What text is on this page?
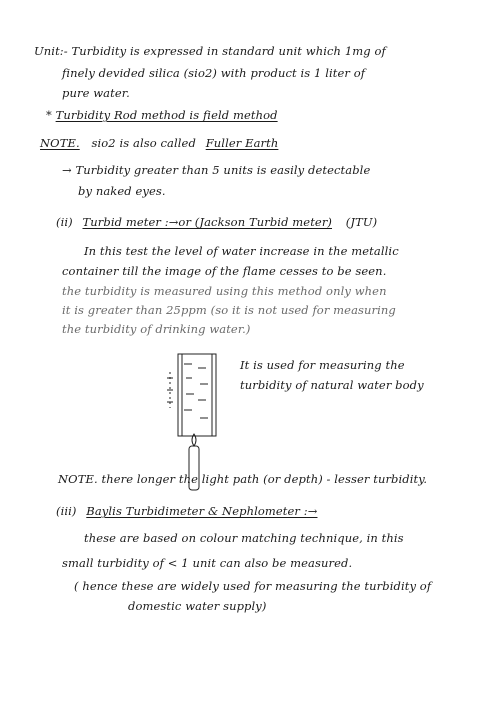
Unit:- Turbidity is expressed in standard unit which 1mg of
finely devided silica (sio2) with product is 1 liter of
pure water.
* Turbidity Rod method is field method
NOTE. sio2 is also called Fuller Earth
→ Turbidity greater than 5 units is easily detectable
by naked eyes.
(ii) Turbid meter :→or (Jackson Turbid meter) (JTU)
In this test the level of water increase in the metallic
container till the image of the flame cesses to be seen.
the turbidity is measured using this method only when
it is greater than 25ppm (so it is not used for measuring
the turbidity of drinking water.)
It is used for measuring the
turbidity of natural water body
NOTE. there longer the light path (or depth) - lesser turbidity.
(iii) Baylis Turbidimeter & Nephlometer :→
these are based on colour matching technique, in this
small turbidity of < 1 unit can also be measured.
( hence these are widely used for measuring the turbidity of
domestic water supply)
